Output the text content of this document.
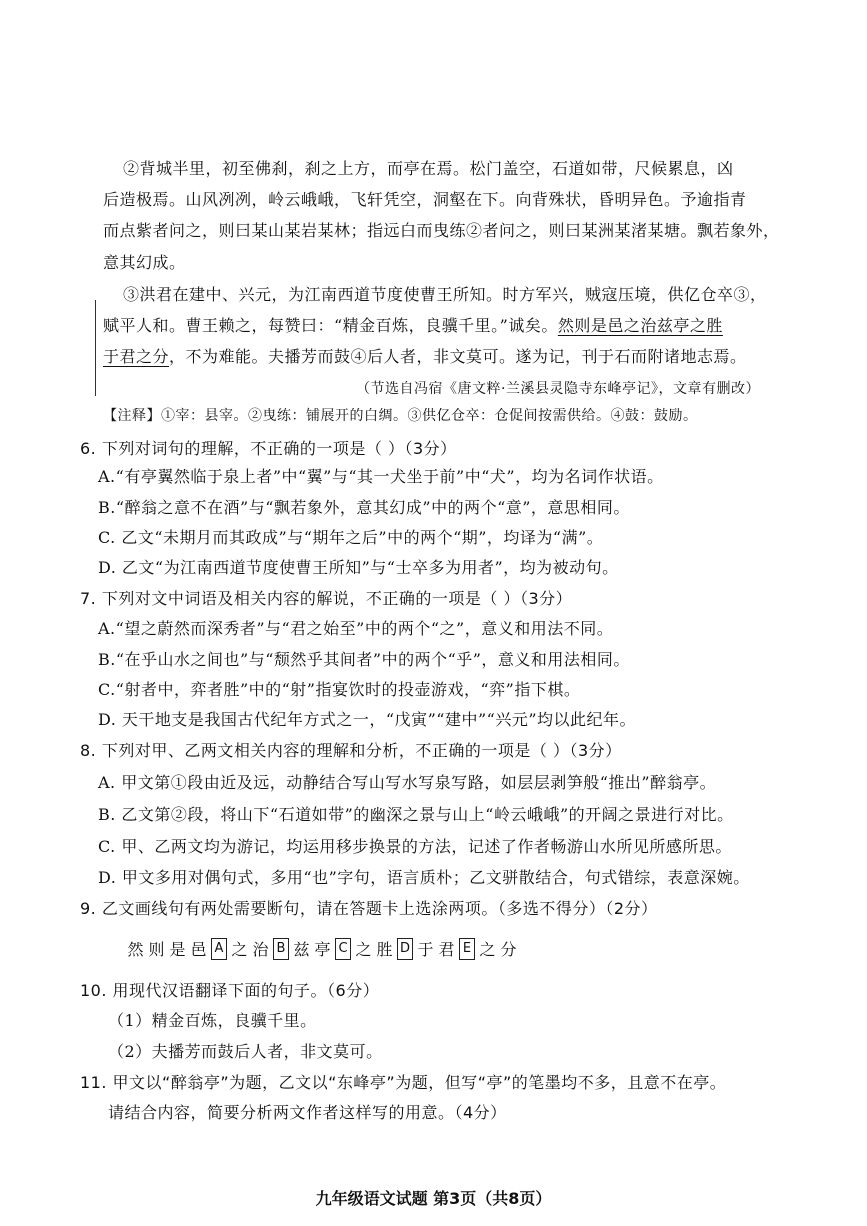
②背城半里，初至佛刹，刹之上方，而亭在焉。松门盖空，石道如带，尺候累息，凶
后造极焉。山风冽冽，岭云峨峨，飞轩凭空，洞壑在下。向背殊状，昏明异色。予逾指青
而点紫者问之，则曰某山某岩某林；指远白而曳练②者问之，则曰某洲某渚某塘。飘若象外，
意其幻成。
③洪君在建中、兴元，为江南西道节度使曹王所知。时方军兴，贼寇压境，供亿仓卒③，
赋平人和。曹王赖之，每赞曰：“精金百炼，良骥千里。”诚矣。然则是邑之治兹亭之胜
于君之分，不为难能。夫播芳而鼓④后人者，非文莫可。遂为记，刊于石而附诸地志焉。
（节选自冯宿《唐文粹·兰溪县灵隐寺东峰亭记》，文章有删改）
【注释】①宰：县宰。②曳练：铺展开的白绸。③供亿仓卒：仓促间按需供给。④鼓：鼓励。
6. 下列对词句的理解，不正确的一项是（ ）（3分）
A.“有亭翼然临于泉上者”中“翼”与“其一犬坐于前”中“犬”，均为名词作状语。
B.“醉翁之意不在酒”与“飘若象外，意其幻成”中的两个“意”，意思相同。
C. 乙文“未期月而其政成”与“期年之后”中的两个“期”，均译为“满”。
D. 乙文“为江南西道节度使曹王所知”与“士卒多为用者”，均为被动句。
7. 下列对文中词语及相关内容的解说，不正确的一项是（ ）（3分）
A.“望之蔚然而深秀者”与“君之始至”中的两个“之”，意义和用法不同。
B.“在乎山水之间也”与“颓然乎其间者”中的两个“乎”，意义和用法相同。
C.“射者中，弈者胜”中的“射”指宴饮时的投壶游戏，“弈”指下棋。
D. 天干地支是我国古代纪年方式之一，“戊寅”“建中”“兴元”均以此纪年。
8. 下列对甲、乙两文相关内容的理解和分析，不正确的一项是（ ）（3分）
A. 甲文第①段由近及远，动静结合写山写水写泉写路，如层层剥笋般“推出”醉翁亭。
B. 乙文第②段，将山下“石道如带”的幽深之景与山上“岭云峨峨”的开阔之景进行对比。
C. 甲、乙两文均为游记，均运用移步换景的方法，记述了作者畅游山水所见所感所思。
D. 甲文多用对偶句式，多用“也”字句，语言质朴；乙文骈散结合，句式错综，表意深婉。
9. 乙文画线句有两处需要断句，请在答题卡上选涂两项。（多选不得分）（2分）
然 则 是 邑 A 之 治 B 兹 亭 C 之 胜 D 于 君 E 之 分
10. 用现代汉语翻译下面的句子。（6分）
（1）精金百炼，良骥千里。
（2）夫播芳而鼓后人者，非文莫可。
11. 甲文以“醉翁亭”为题，乙文以“东峰亭”为题，但写“亭”的笔墨均不多，且意不在亭。
请结合内容，简要分析两文作者这样写的用意。（4分）
九年级语文试题 第3页（共8页）
